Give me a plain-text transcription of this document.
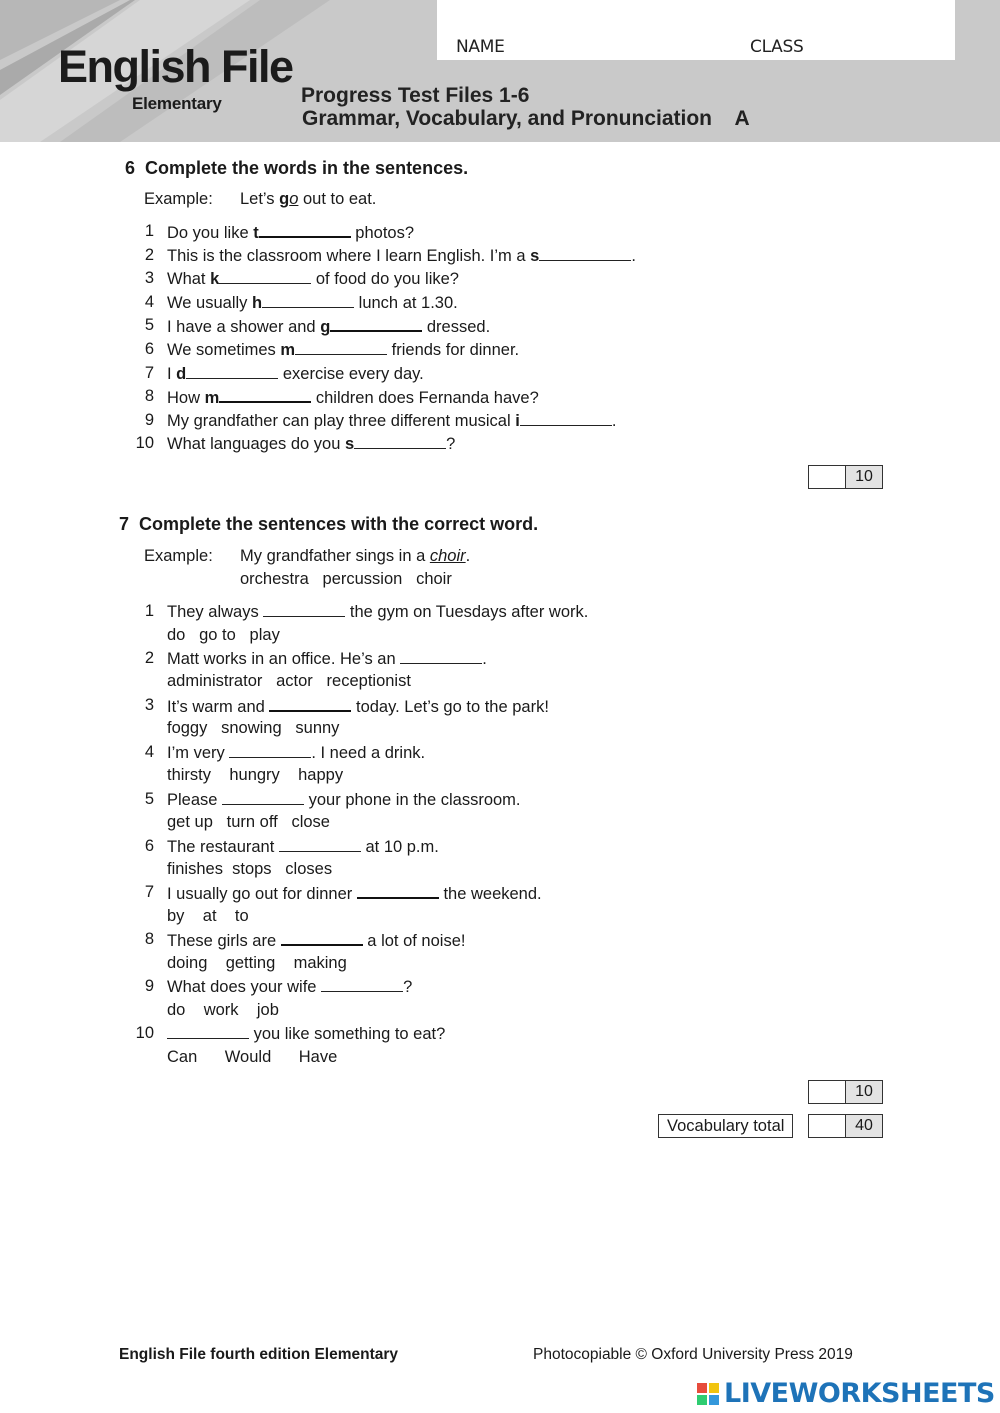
English File
Elementary
NAME	CLASS
Progress Test Files 1-6
Grammar, Vocabulary, and Pronunciation    A
6 Complete the words in the sentences.
Example: Let’s go out to eat.
1 Do you like t	photos?
2 This is the classroom where I learn English. I’m a s	.
3 What k	of food do you like?
4 We usually h	lunch at 1.30.
5 I have a shower and g	dressed.
6 We sometimes m	friends for dinner.
7 I d	exercise every day.
8 How m	children does Fernanda have?
9 My grandfather can play three different musical i	.
10 What languages do you s	?
10
7 Complete the sentences with the correct word.
Example: My grandfather sings in a choir.
orchestra   percussion   choir
1 They always	the gym on Tuesdays after work.
do   go to   play
2 Matt works in an office. He’s an	.
administrator   actor   receptionist
3 It’s warm and	today. Let’s go to the park!
foggy   snowing   sunny
4 I’m very	. I need a drink.
thirsty    hungry    happy
5 Please	your phone in the classroom.
get up   turn off   close
6 The restaurant	at 10 p.m.
finishes  stops   closes
7 I usually go out for dinner	the weekend.
by    at    to
8 These girls are	a lot of noise!
doing    getting    making
9 What does your wife	?
do    work    job
10	you like something to eat?
Can      Would      Have
10
Vocabulary total	40
English File fourth edition Elementary	Photocopiable © Oxford University Press 2019
LIVEWORKSHEETS
